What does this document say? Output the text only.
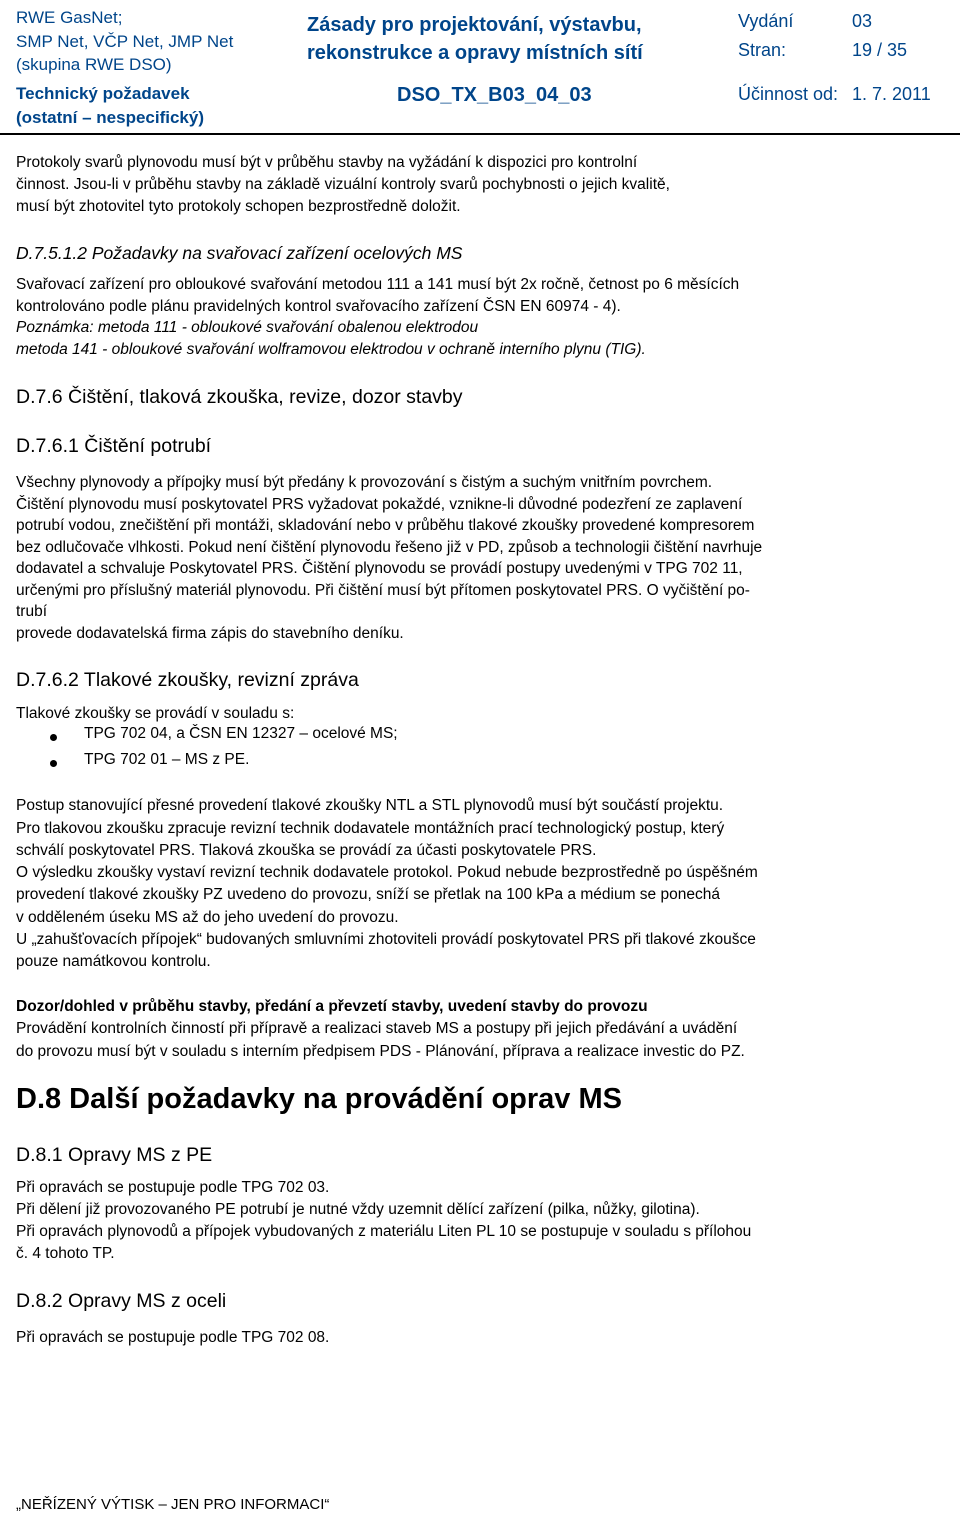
RWE GasNet;
SMP Net, VČP Net, JMP Net
(skupina RWE DSO)
Zásady pro projektování, výstavbu,
rekonstrukce a opravy místních sítí
Vydání	03
Stran:	19 / 35
Technický požadavek
(ostatní – nespecifický)
DSO_TX_B03_04_03	Účinnost od: 1. 7. 2011
Protokoly svarů plynovodu musí být v průběhu stavby na vyžádání k dispozici pro kontrolní
činnost. Jsou-li v průběhu stavby na základě vizuální kontroly svarů pochybnosti o jejich kvalitě,
musí být zhotovitel tyto protokoly schopen bezprostředně doložit.
D.7.5.1.2 Požadavky na svařovací zařízení ocelových MS
Svařovací zařízení pro obloukové svařování metodou 111 a 141 musí být 2x ročně, četnost po 6 měsících
kontrolováno podle plánu pravidelných kontrol svařovacího zařízení ČSN EN 60974 - 4).
Poznámka: metoda 111 - obloukové svařování obalenou elektrodou
metoda 141 - obloukové svařování wolframovou elektrodou v ochraně interního plynu (TIG).
D.7.6 Čištění, tlaková zkouška, revize, dozor stavby
D.7.6.1 Čištění potrubí
Všechny plynovody a přípojky musí být předány k provozování s čistým a suchým vnitřním povrchem.
Čištění plynovodu musí poskytovatel PRS vyžadovat pokaždé, vznikne-li důvodné podezření ze zaplavení
potrubí vodou, znečištění při montáži, skladování nebo v průběhu tlakové zkoušky provedené kompresorem
bez odlučovače vlhkosti. Pokud není čištění plynovodu řešeno již v PD, způsob a technologii čištění navrhuje
dodavatel a schvaluje Poskytovatel PRS. Čištění plynovodu se provádí postupy uvedenými v TPG 702 11,
určenými pro příslušný materiál plynovodu. Při čištění musí být přítomen poskytovatel PRS. O vyčištění po-
trubí
provede dodavatelská firma zápis do stavebního deníku.
D.7.6.2 Tlakové zkoušky, revizní zpráva
Tlakové zkoušky se provádí v souladu s:
TPG 702 04, a ČSN EN 12327 – ocelové MS;
TPG 702 01 – MS z PE.
Postup stanovující přesné provedení tlakové zkoušky NTL a STL plynovodů musí být součástí projektu.
Pro tlakovou zkoušku zpracuje revizní technik dodavatele montážních prací technologický postup, který
schválí poskytovatel PRS. Tlaková zkouška se provádí za účasti poskytovatele PRS.
O výsledku zkoušky vystaví revizní technik dodavatele protokol. Pokud nebude bezprostředně po úspěšném
provedení tlakové zkoušky PZ uvedeno do provozu, sníží se přetlak na 100 kPa a médium se ponechá
v odděleném úseku MS až do jeho uvedení do provozu.
U „zahušťovacích přípojek“ budovaných smluvními zhotoviteli provádí poskytovatel PRS při tlakové zkoušce
pouze namátkovou kontrolu.
Dozor/dohled v průběhu stavby, předání a převzetí stavby, uvedení stavby do provozu
Provádění kontrolních činností při přípravě a realizaci staveb MS a postupy při jejich předávání a uvádění
do provozu musí být v souladu s interním předpisem PDS - Plánování, příprava a realizace investic do PZ.
D.8 Další požadavky na provádění oprav MS
D.8.1 Opravy MS z PE
Při opravách se postupuje podle TPG 702 03.
Při dělení již provozovaného PE potrubí je nutné vždy uzemnit dělící zařízení (pilka, nůžky, gilotina).
Při opravách plynovodů a přípojek vybudovaných z materiálu Liten PL 10 se postupuje v souladu s přílohou
č. 4 tohoto TP.
D.8.2 Opravy MS z oceli
Při opravách se postupuje podle TPG 702 08.
„NEŘÍZENÝ VÝTISK – JEN PRO INFORMACI“
